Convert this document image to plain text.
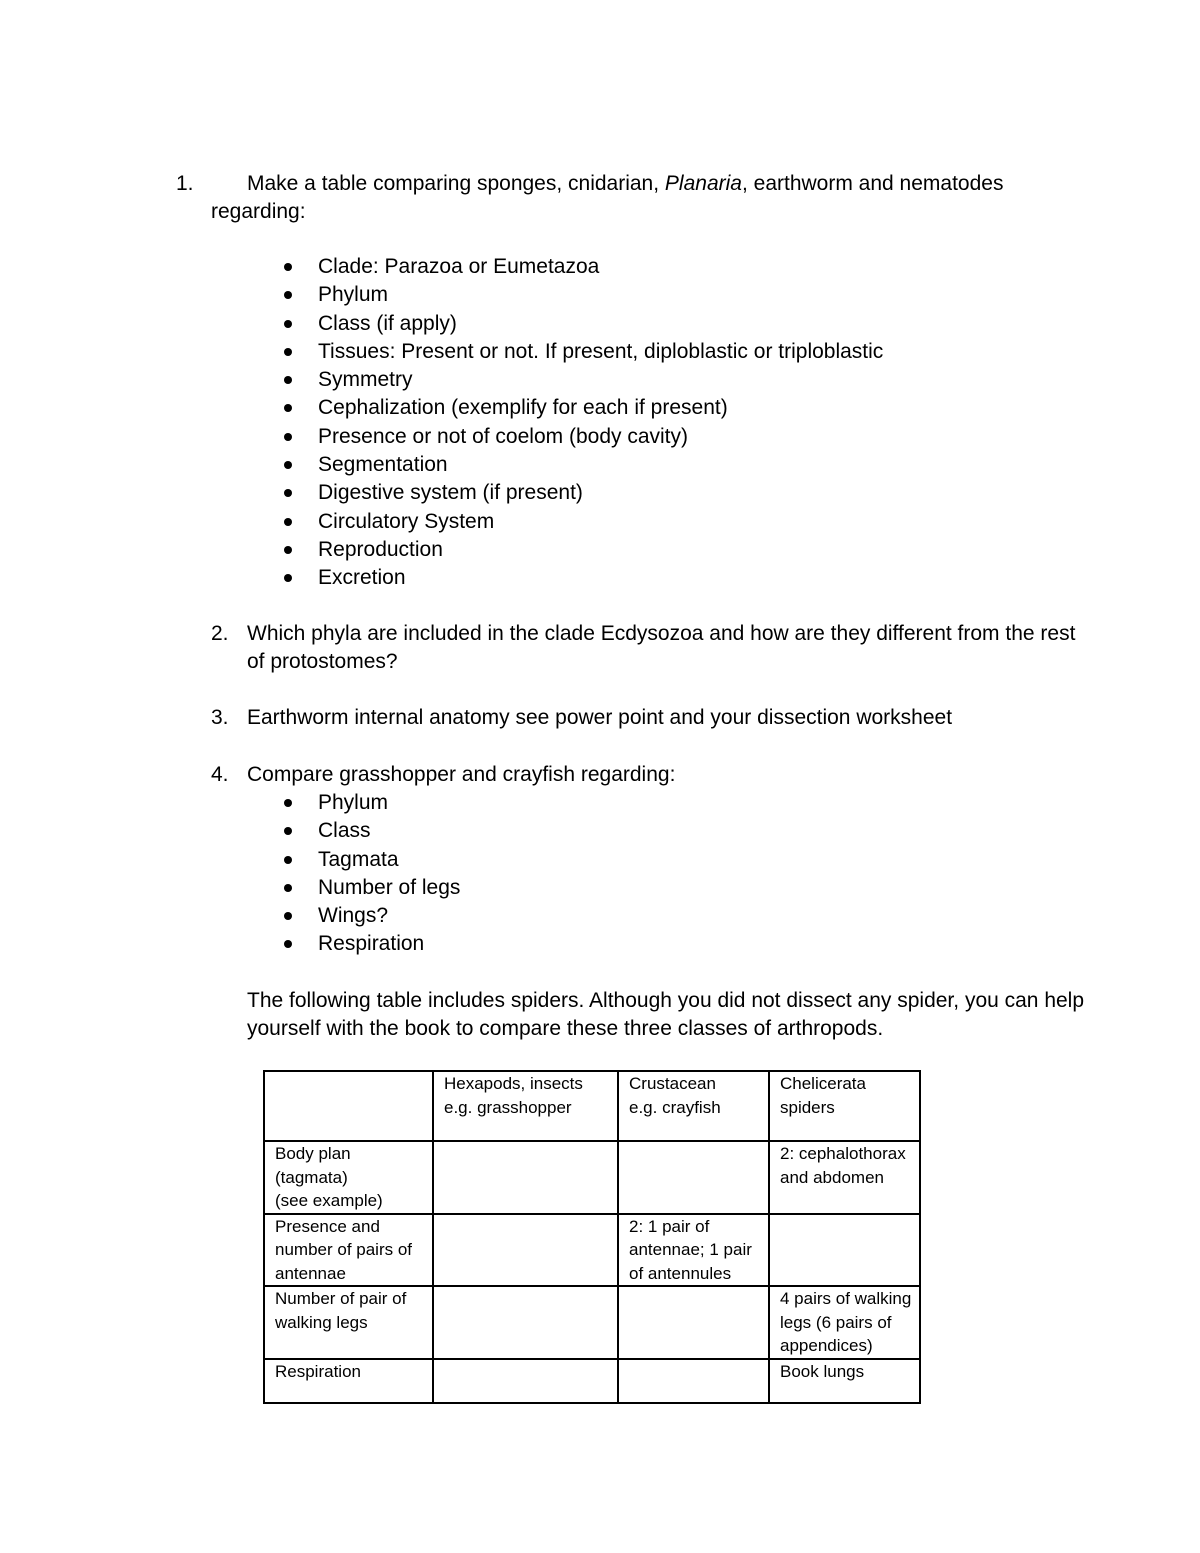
1.	Make a table comparing sponges, cnidarian, Planaria, earthworm and nematodes
regarding:
Clade: Parazoa or Eumetazoa
Phylum
Class (if apply)
Tissues: Present or not. If present, diploblastic or triploblastic
Symmetry
Cephalization (exemplify for each if present)
Presence or not of coelom (body cavity)
Segmentation
Digestive system (if present)
Circulatory System
Reproduction
Excretion
2. Which phyla are included in the clade Ecdysozoa and how are they different from the rest
of protostomes?
3. Earthworm internal anatomy see power point and your dissection worksheet
4. Compare grasshopper and crayfish regarding:
Phylum
Class
Tagmata
Number of legs
Wings?
Respiration
The following table includes spiders. Although you did not dissect any spider, you can help
yourself with the book to compare these three classes of arthropods.

	Hexapods, insects
e.g. grasshopper	Crustacean
e.g. crayfish	Chelicerata
spiders

Body plan (tagmata)
(see example)			2: cephalothorax
and abdomen

Presence and
number of pairs of
antennae		2: 1 pair of
antennae; 1 pair
of antennules	

Number of pair of
walking legs			4 pairs of walking
legs (6 pairs of
appendices)

Respiration			Book lungs
